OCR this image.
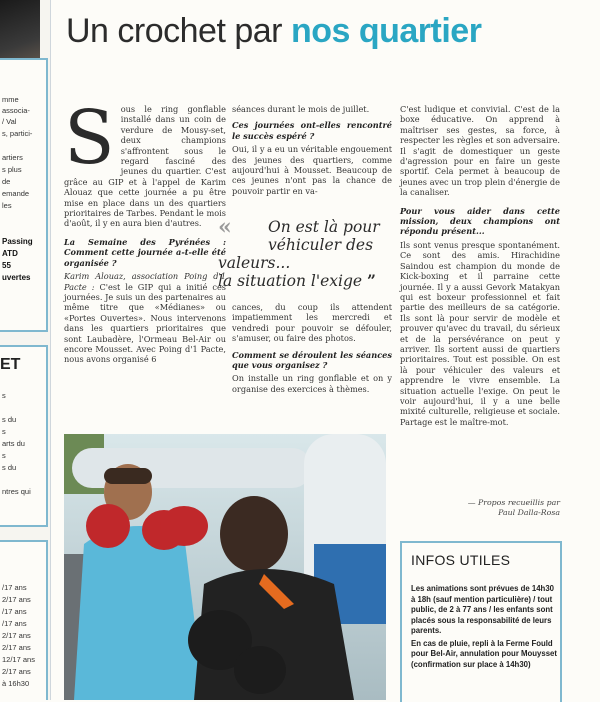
mme
associa-
/ Val
s, partici-
artiers
s plus
de
emande
les
Passing
ATD
55
uvertes
ET
s
s du
s
arts du
s
s du
ntres qui
/17 ans
2/17 ans
/17 ans
/17 ans
2/17 ans
2/17 ans
12/17 ans
2/17 ans
à 16h30
Un crochet par nos quartier

Sous le ring gonflable installé dans un coin de verdure de Mousy-set, deux champions s'affrontent sous le regard fasciné des jeunes du quartier. C'est grâce au GIP et à l'appel de Karim Alouaz que cette journée a pu être mise en place dans un des quartiers prioritaires de Tarbes. Pendant le mois d'août, il y en aura bien d'autres.

La Semaine des Pyrénées : Comment cette journée a-t-elle été organisée ?

Karim Alouaz, association Poing d'1 Pacte : C'est le GIP qui a initié ces journées. Je suis un des partenaires au même titre que «Médianes» ou «Portes Ouvertes». Nous intervenons dans les quartiers prioritaires que sont Laubadère, l'Ormeau Bel-Air ou encore Mousset. Avec Poing d'1 Pacte, nous avons organisé 6

séances durant le mois de juillet.

Ces journées ont-elles rencontré le succès espéré ?

Oui, il y a eu un véritable engouement des jeunes des quartiers, comme aujourd'hui à Mousset. Beaucoup de ces jeunes n'ont pas la chance de pouvoir partir en va-

«	On est là pour
véhiculer des
valeurs...
la situation l'exige ”

cances, du coup ils attendent impatiemment les mercredi et vendredi pour pouvoir se défouler, s'amuser, ou faire des photos.

Comment se déroulent les séances que vous organisez ?

On installe un ring gonflable et on y organise des exercices à thèmes.

C'est ludique et convivial. C'est de la boxe éducative. On apprend à maîtriser ses gestes, sa force, à respecter les règles et son adversaire. Il s'agit de domestiquer un geste d'agression pour en faire un geste sportif. Cela permet à beaucoup de jeunes avec un trop plein d'énergie de la canaliser.

Pour vous aider dans cette mission, deux champions ont répondu présent...

Ils sont venus presque spontanément. Ce sont des amis. Hirachidine Saindou est champion du monde de Kick-boxing et il parraine cette journée. Il y a aussi Gevork Matakyan qui est boxeur professionnel et fait partie des meilleurs de sa catégorie. Ils sont là pour servir de modèle et prouver qu'avec du travail, du sérieux et de la persévérance on peut y arriver. Ils sortent aussi de quartiers prioritaires. Tout est possible. On est là pour véhiculer des valeurs et apprendre le vivre ensemble. La situation actuelle l'exige. On peut le voir aujourd'hui, il y a une belle mixité culturelle, religieuse et sociale. Partage est le maître-mot.

— Propos recueillis par
Paul Dalla-Rosa
INFOS UTILES

Les animations sont prévues de 14h30 à 18h (sauf mention particulière) / tout public, de 2 à 77 ans / les enfants sont placés sous la responsabilité de leurs parents.

En cas de pluie, repli à la Ferme Fould pour Bel-Air, annulation pour Mouysset (confirmation sur place à 14h30)
